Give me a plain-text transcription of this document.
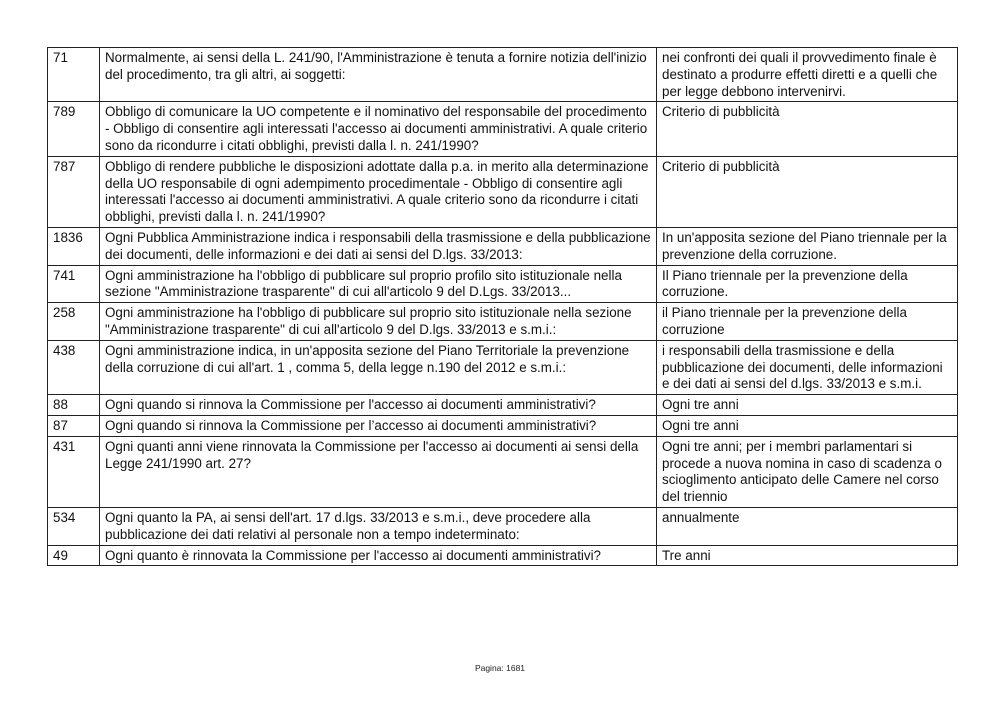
71	Normalmente, ai sensi della L. 241/90, l'Amministrazione è tenuta a fornire notizia dell'inizio del procedimento, tra gli altri, ai soggetti:	nei confronti dei quali il provvedimento finale è destinato a produrre effetti diretti e a quelli che per legge debbono intervenirvi.
789	Obbligo di comunicare la UO competente e il nominativo del responsabile del procedimento - Obbligo di consentire agli interessati l'accesso ai documenti amministrativi. A quale criterio sono da ricondurre i citati obblighi, previsti dalla l. n. 241/1990?	Criterio di pubblicità
787	Obbligo di rendere pubbliche le disposizioni adottate dalla p.a. in merito alla determinazione della UO responsabile di ogni adempimento procedimentale - Obbligo di consentire agli interessati l'accesso ai documenti amministrativi. A quale criterio sono da ricondurre i citati obblighi, previsti dalla l. n. 241/1990?	Criterio di pubblicità
1836	Ogni Pubblica Amministrazione indica i responsabili della trasmissione e della pubblicazione dei documenti, delle informazioni e dei dati ai sensi del D.lgs. 33/2013:	In un'apposita sezione del Piano triennale per la prevenzione della corruzione.
741	Ogni amministrazione ha l'obbligo di pubblicare sul proprio profilo sito istituzionale nella sezione "Amministrazione trasparente" di cui all'articolo 9 del D.Lgs. 33/2013...	Il Piano triennale per la prevenzione della corruzione.
258	Ogni amministrazione ha l'obbligo di pubblicare sul proprio sito istituzionale nella sezione "Amministrazione trasparente" di cui all'articolo 9 del D.lgs. 33/2013 e s.m.i.:	il Piano triennale per la prevenzione della corruzione
438	Ogni amministrazione indica, in un'apposita sezione del Piano Territoriale la prevenzione della corruzione di cui all'art. 1 , comma 5, della legge n.190 del 2012 e s.m.i.:	i responsabili della trasmissione e della pubblicazione dei documenti, delle informazioni e dei dati ai sensi del d.lgs. 33/2013 e s.m.i.
88	Ogni quando si rinnova la Commissione per l'accesso ai documenti amministrativi?	Ogni tre anni
87	Ogni quando si rinnova la Commissione per l’accesso ai documenti amministrativi?	Ogni tre anni
431	Ogni quanti anni viene rinnovata la Commissione per l'accesso ai documenti ai sensi della Legge 241/1990 art. 27?	Ogni tre anni; per i membri parlamentari si procede a nuova nomina in caso di scadenza o scioglimento anticipato delle Camere nel corso del triennio
534	Ogni quanto la PA, ai sensi dell'art. 17 d.lgs. 33/2013 e s.m.i., deve procedere alla pubblicazione dei dati relativi al personale non a tempo indeterminato:	annualmente
49	Ogni quanto è rinnovata la Commissione per l'accesso ai documenti amministrativi?	Tre anni
Pagina: 1681
